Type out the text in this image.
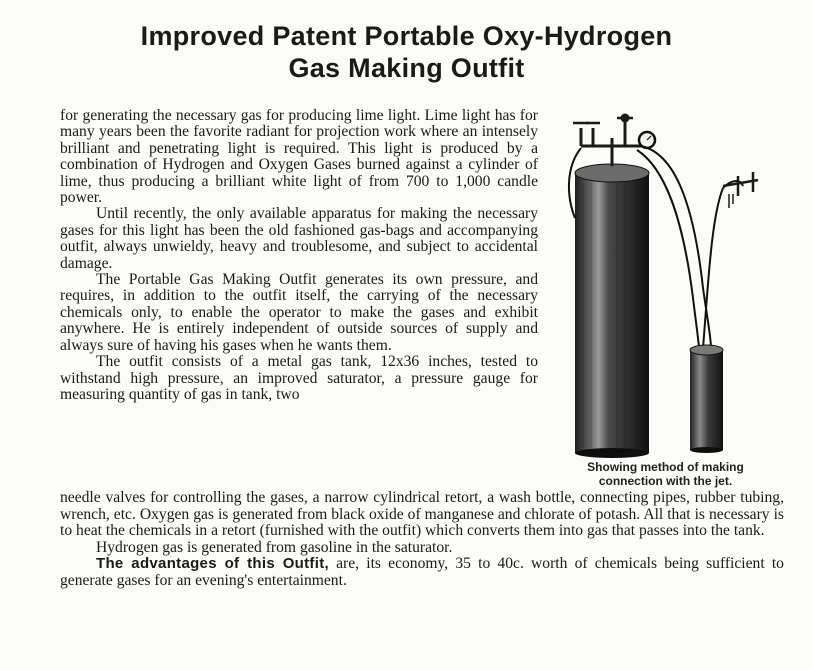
Improved Patent Portable Oxy-Hydrogen
Gas Making Outfit

for generating the necessary gas for producing lime light. Lime light has for many years been the favorite radiant for projection work where an intensely brilliant and penetrating light is required. This light is produced by a combination of Hydrogen and Oxygen Gases burned against a cylinder of lime, thus producing a brilliant white light of from 700 to 1,000 candle power.

Until recently, the only available apparatus for making the necessary gases for this light has been the old fashioned gas-bags and accompanying outfit, always unwieldy, heavy and troublesome, and subject to accidental damage.

The Portable Gas Making Outfit generates its own pressure, and requires, in addition to the outfit itself, the carrying of the necessary chemicals only, to enable the operator to make the gases and exhibit anywhere. He is entirely independent of outside sources of supply and always sure of having his gases when he wants them.

The outfit consists of a metal gas tank, 12x36 inches, tested to withstand high pressure, an improved saturator, a pressure gauge for measuring quantity of gas in tank, two

needle valves for controlling the gases, a narrow cylindrical retort, a wash bottle, connecting pipes, rubber tubing, wrench, etc. Oxygen gas is generated from black oxide of manganese and chlorate of potash. All that is necessary is to heat the chemicals in a retort (furnished with the outfit) which converts them into gas that passes into the tank.

Hydrogen gas is generated from gasoline in the saturator.

The advantages of this Outfit, are, its economy, 35 to 40c. worth of chemicals being sufficient to generate gases for an evening's entertainment.

Showing method of making
connection with the jet.
